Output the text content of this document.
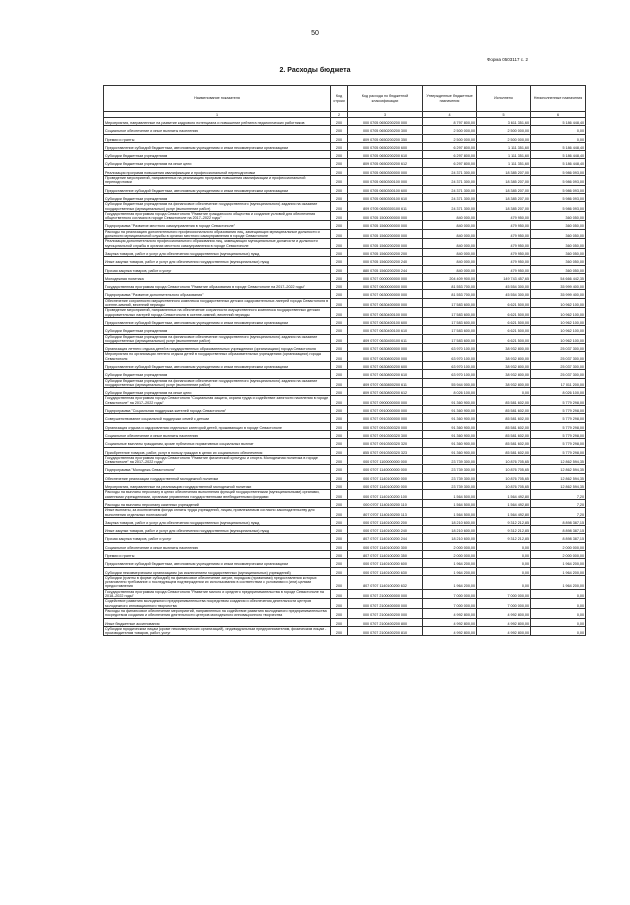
50
Форма 0503117 с. 2
2. Расходы бюджета
Наименование показателя	Код строки	Код расхода по бюджетной классификации	Утвержденные бюджетные назначения	Исполнено	Неисполненные назначения
1	2	3	4	5	6
Мероприятия, направленные на развитие кадрового потенциала и повышение рейтинга педагогических работников	200	000 0705 0650200200 000	8 797 800,00	3 611 351,60	5 186 448,40
Социальное обеспечение и иные выплаты населению	200	000 0705 0650200200 300	2 500 000,00	2 500 000,00	0,00
Премии и гранты	200	809 0705 0650200200 350	2 500 000,00	2 500 000,00	0,00
Предоставление субсидий бюджетным, автономным учреждениям и иным некоммерческим организациям	200	000 0705 0650200200 600	6 297 800,00	1 111 351,60	5 186 448,40
Субсидии бюджетным учреждениям	200	000 0705 0650200200 610	6 297 800,00	1 111 351,60	5 186 448,40
Субсидии бюджетным учреждениям на иные цели	200	809 0705 0650200200 612	6 297 800,00	1 111 351,60	5 186 448,40
Реализация программ повышения квалификации и профессиональной переподготовки	200	000 0705 0650300000 000	24 371 300,00	18 385 207,00	5 986 093,00
Проведение мероприятий, направленных на реализацию программ повышения квалификации и профессиональной переподготовки	200	000 0705 0650300100 000	24 371 300,00	18 385 207,00	5 986 093,00
Предоставление субсидий бюджетным, автономным учреждениям и иным некоммерческим организациям	200	000 0705 0650300100 600	24 371 300,00	18 385 207,00	5 986 093,00
Субсидии бюджетным учреждениям	200	000 0705 0650300100 610	24 371 300,00	18 385 207,00	5 986 093,00
Субсидии бюджетным учреждениям на финансовое обеспечение государственного (муниципального) задания на оказание государственных (муниципальных) услуг (выполнение работ)	200	809 0705 0650300100 611	24 371 300,00	18 385 207,00	5 986 093,00
Государственная программа города Севастополя "Развитие гражданского общества и создание условий для обеспечения общественного согласия в городе Севастополе на 2017–2022 годы"	200	000 0705 1500000000 000	840 000,00	479 950,00	360 050,00
Подпрограмма "Развитие местного самоуправления в городе Севастополе"	200	000 0705 1560000000 000	840 000,00	479 950,00	360 050,00
Расходы на реализацию дополнительного профессионального образования лиц, замещающих муниципальные должности и должности муниципальной службы в органах местного самоуправления в городе Севастополе	200	000 0705 1560200000 000	840 000,00	479 950,00	360 050,00
Реализация дополнительного профессионального образования лиц, замещающих муниципальные должности и должности муниципальной службы в органах местного самоуправления в городе Севастополе	200	000 0705 1560200200 000	840 000,00	479 950,00	360 050,00
Закупка товаров, работ и услуг для обеспечения государственных (муниципальных) нужд	200	000 0705 1560200200 200	840 000,00	479 950,00	360 050,00
Иные закупки товаров, работ и услуг для обеспечения государственных (муниципальных) нужд	200	000 0705 1560200200 240	840 000,00	479 950,00	360 050,00
Прочая закупка товаров, работ и услуг	200	880 0705 1560200200 244	840 000,00	479 950,00	360 050,00
Молодежная политика	200	000 0707 0000000000 000	204 409 900,00	149 743 457,65	54 666 442,35
Государственная программа города Севастополя "Развитие образования в городе Севастополе на 2017–2022 годы"	200	000 0707 0600000000 000	81 553 700,00	45 554 300,00	35 999 400,00
Подпрограмма "Развитие дополнительного образования"	200	000 0707 0630000000 000	81 553 700,00	45 554 300,00	35 999 400,00
Обеспечение сохранности имущественного комплекса государственных детских оздоровительных лагерей города Севастополя в осенне-зимний, весенний периоды	200	000 0707 0630400000 000	17 583 600,00	6 621 500,00	10 962 100,00
Проведение мероприятий, направленных на обеспечение сохранности имущественного комплекса государственных детских оздоровительных лагерей города Севастополя в осенне-зимний, весенний периоды	200	000 0707 0630400100 000	17 583 600,00	6 621 500,00	10 962 100,00
Предоставление субсидий бюджетным, автономным учреждениям и иным некоммерческим организациям	200	000 0707 0630400100 600	17 583 600,00	6 621 500,00	10 962 100,00
Субсидии бюджетным учреждениям	200	000 0707 0630400100 610	17 583 600,00	6 621 500,00	10 962 100,00
Субсидии бюджетным учреждениям на финансовое обеспечение государственного (муниципального) задания на оказание государственных (муниципальных) услуг (выполнение работ)	200	809 0707 0630400100 611	17 583 600,00	6 621 500,00	10 962 100,00
Организация летнего отдыха детей в государственных образовательных учреждениях (организациях) города Севастополя	200	000 0707 0630800000 000	63 970 100,00	38 932 800,00	25 037 300,00
Мероприятия по организации летнего отдыха детей в государственных образовательных учреждениях (организациях) города Севастополя	200	000 0707 0630800200 000	63 970 100,00	38 932 800,00	25 037 300,00
Предоставление субсидий бюджетным, автономным учреждениям и иным некоммерческим организациям	200	000 0707 0630800200 600	63 970 100,00	38 932 800,00	25 037 300,00
Субсидии бюджетным учреждениям	200	000 0707 0630800200 610	63 970 100,00	38 932 800,00	25 037 300,00
Субсидии бюджетным учреждениям на финансовое обеспечение государственного (муниципального) задания на оказание государственных (муниципальных) услуг (выполнение работ)	200	809 0707 0630800200 611	55 944 000,00	38 932 800,00	17 011 200,00
Субсидии бюджетным учреждениям на иные цели	200	809 0707 0630800200 612	8 026 100,00	0,00	8 026 100,00
Государственная программа города Севастополя "Социальная защита, охрана труда и содействие занятости населения в городе Севастополе" на 2017–2022 годы"	200	000 0707 0900000000 000	91 360 900,00	85 581 602,00	5 779 298,00
Подпрограмма "Социальная поддержка жителей города Севастополя"	200	000 0707 0910000000 000	91 360 900,00	85 581 602,00	5 779 298,00
Совершенствование социальной поддержки семей с детьми	200	000 0707 0910300000 000	91 360 900,00	85 581 602,00	5 779 298,00
Организация отдыха и оздоровления отдельных категорий детей, проживающих в городе Севастополе	200	000 0707 0910300320 000	91 360 900,00	85 581 602,00	5 779 298,00
Социальное обеспечение и иные выплаты населению	200	000 0707 0910300320 300	91 360 900,00	85 581 602,00	5 779 298,00
Социальные выплаты гражданам, кроме публичных нормативных социальных выплат	200	000 0707 0910300320 320	91 360 900,00	85 581 602,00	5 779 298,00
Приобретение товаров, работ, услуг в пользу граждан в целях их социального обеспечения	200	855 0707 0910300320 323	91 360 900,00	85 581 602,00	5 779 298,00
Государственная программа города Севастополя "Развитие физической культуры и спорта. Молодежная политика в городе Севастополе" на 2017–2022 годы"	200	000 0707 1100000000 000	23 739 300,00	10 876 705,65	12 862 594,35
Подпрограмма "Молодежь Севастополя"	200	000 0707 1140000000 000	23 739 300,00	10 876 705,65	12 862 594,35
Обеспечение реализации государственной молодежной политики	200	000 0707 1140100000 000	23 739 300,00	10 876 705,65	12 862 594,35
Мероприятия, направленные на реализацию государственной молодежной политики	200	000 0707 1140100200 000	23 739 300,00	10 876 705,65	12 862 594,35
Расходы на выплаты персоналу в целях обеспечения выполнения функций государственными (муниципальными) органами, казенными учреждениями, органами управления государственными внебюджетными фондами	200	000 0707 1140100200 100	1 564 500,00	1 564 492,80	7,20
Расходы на выплаты персоналу казенных учреждений	200	000 0707 1140100200 110	1 564 500,00	1 564 492,80	7,20
Иные выплаты, за исключением фонда оплаты труда учреждений, лицам, привлекаемым согласно законодательству для выполнения отдельных полномочий	200	807 0707 1140100200 113	1 564 500,00	1 564 492,80	7,20
Закупка товаров, работ и услуг для обеспечения государственных (муниципальных) нужд	200	000 0707 1140100200 200	18 210 600,00	9 312 212,85	8 898 387,15
Иные закупки товаров, работ и услуг для обеспечения государственных (муниципальных) нужд	200	000 0707 1140100200 240	18 210 600,00	9 312 212,85	8 898 387,15
Прочая закупка товаров, работ и услуг	200	807 0707 1140100200 244	18 210 600,00	9 312 212,85	8 898 387,15
Социальное обеспечение и иные выплаты населению	200	000 0707 1140100200 300	2 000 000,00	0,00	2 000 000,00
Премии и гранты	200	807 0707 1140100200 350	2 000 000,00	0,00	2 000 000,00
Предоставление субсидий бюджетным, автономным учреждениям и иным некоммерческим организациям	200	000 0707 1140100200 600	1 964 200,00	0,00	1 964 200,00
Субсидии некоммерческим организациям (за исключением государственных (муниципальных) учреждений)	200	000 0707 1140100200 630	1 964 200,00	0,00	1 964 200,00
Субсидии (гранты в форме субсидий) на финансовое обеспечение затрат, порядком (правилами) предоставления которых установлено требование о последующем подтверждении их использования в соответствии с условиями и (или) целями предоставления	200	807 0707 1140100200 632	1 964 200,00	0,00	1 964 200,00
Государственная программа города Севастополя "Развитие малого и среднего предпринимательства в городе Севастополе на 2018–2022 годы"	200	000 0707 2100000000 000	7 000 000,00	7 000 000,00	0,00
Содействие развитию молодежного предпринимательства посредством создания и обеспечения деятельности центров молодежного инновационного творчества	200	000 0707 2100400000 000	7 000 000,00	7 000 000,00	0,00
Расходы на финансовое обеспечение мероприятий, направленных на содействие развитию молодежного предпринимательства посредством создания и обеспечения деятельности центров молодежного инновационного творчества	200	000 0707 2100400200 000	4 992 800,00	4 992 800,00	0,00
Иные бюджетные ассигнования	200	000 0707 2100400200 800	4 992 800,00	4 992 800,00	0,00
Субсидии юридическим лицам (кроме некоммерческих организаций), индивидуальным предпринимателям, физическим лицам - производителям товаров, работ, услуг	200	000 0707 2100400200 810	4 992 800,00	4 992 800,00	0,00
